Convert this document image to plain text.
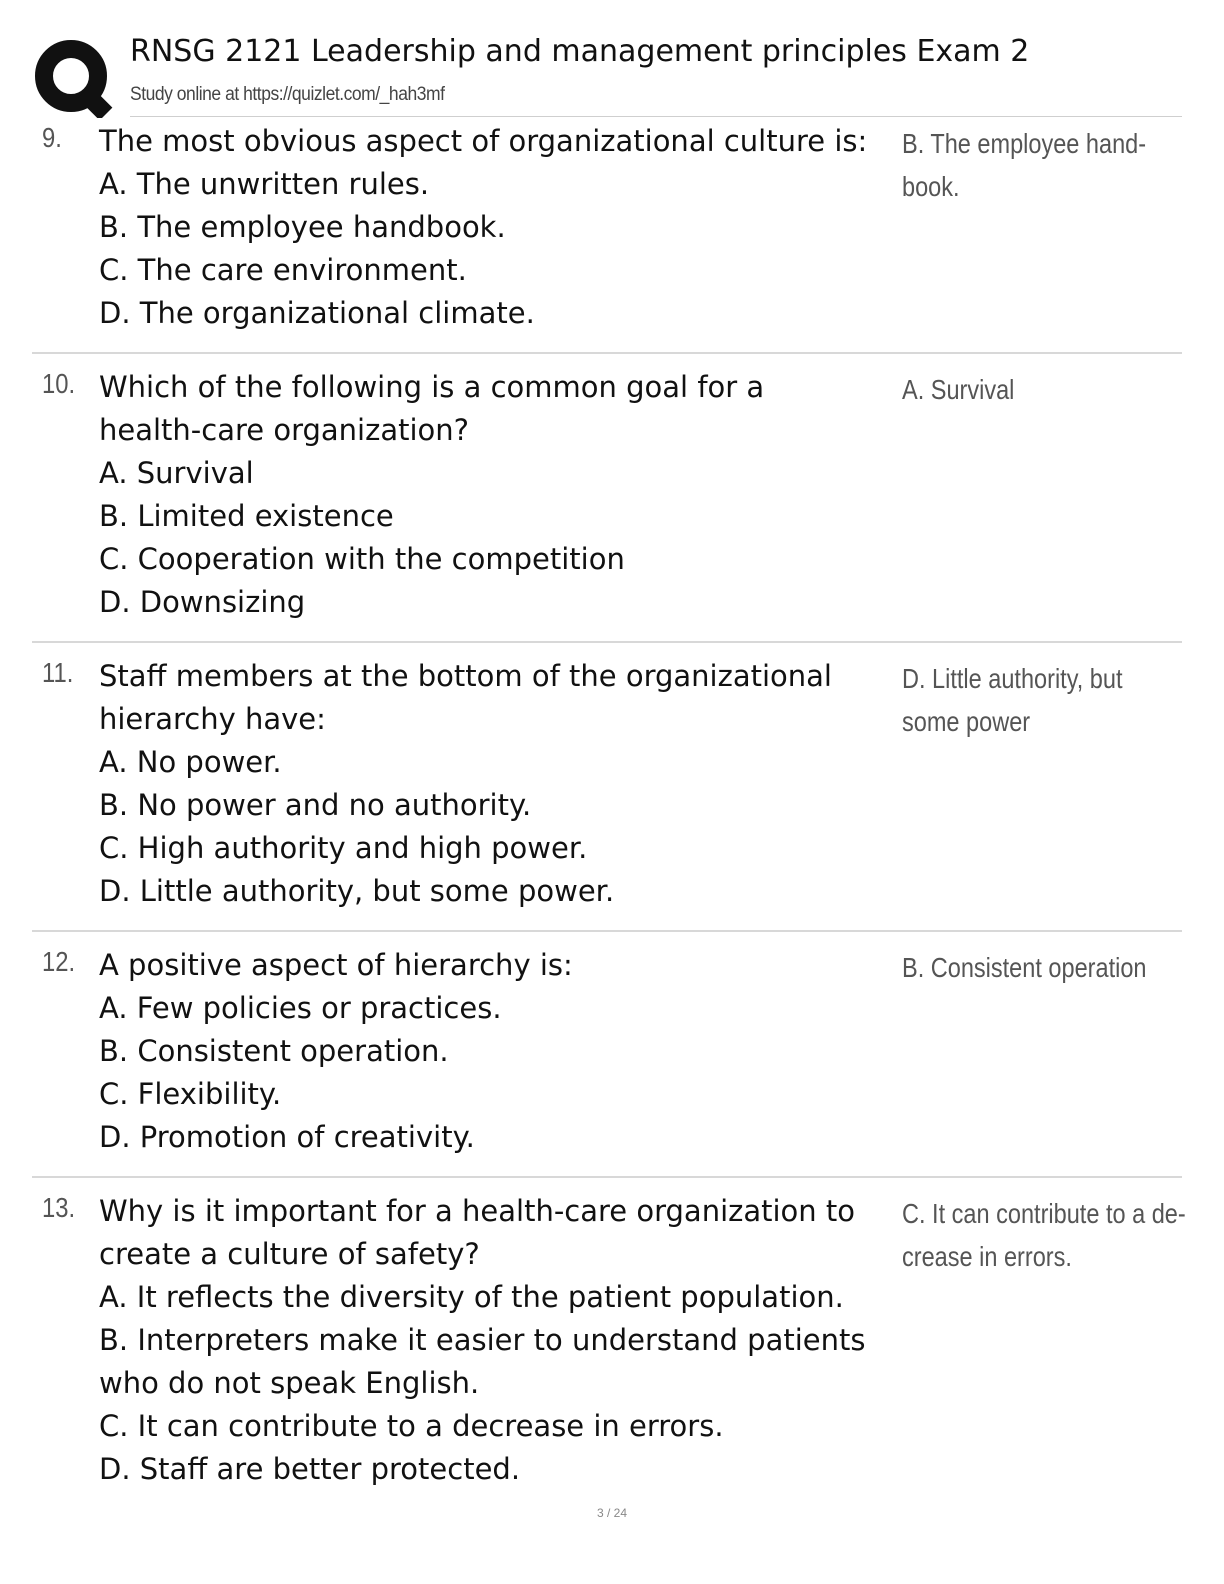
RNSG 2121 Leadership and management principles Exam 2
Study online at https://quizlet.com/_hah3mf
9. The most obvious aspect of organizational culture is:
A. The unwritten rules.
B. The employee handbook.
C. The care environment.
D. The organizational climate.
B. The employee hand-
book.
10. Which of the following is a common goal for a
health-care organization?
A. Survival
B. Limited existence
C. Cooperation with the competition
D. Downsizing
A. Survival
11. Staff members at the bottom of the organizational
hierarchy have:
A. No power.
B. No power and no authority.
C. High authority and high power.
D. Little authority, but some power.
D. Little authority, but
some power
12. A positive aspect of hierarchy is:
A. Few policies or practices.
B. Consistent operation.
C. Flexibility.
D. Promotion of creativity.
B. Consistent operation
13. Why is it important for a health-care organization to
create a culture of safety?
A. It reflects the diversity of the patient population.
B. Interpreters make it easier to understand patients
who do not speak English.
C. It can contribute to a decrease in errors.
D. Staff are better protected.
C. It can contribute to a de-
crease in errors.
3 / 24
